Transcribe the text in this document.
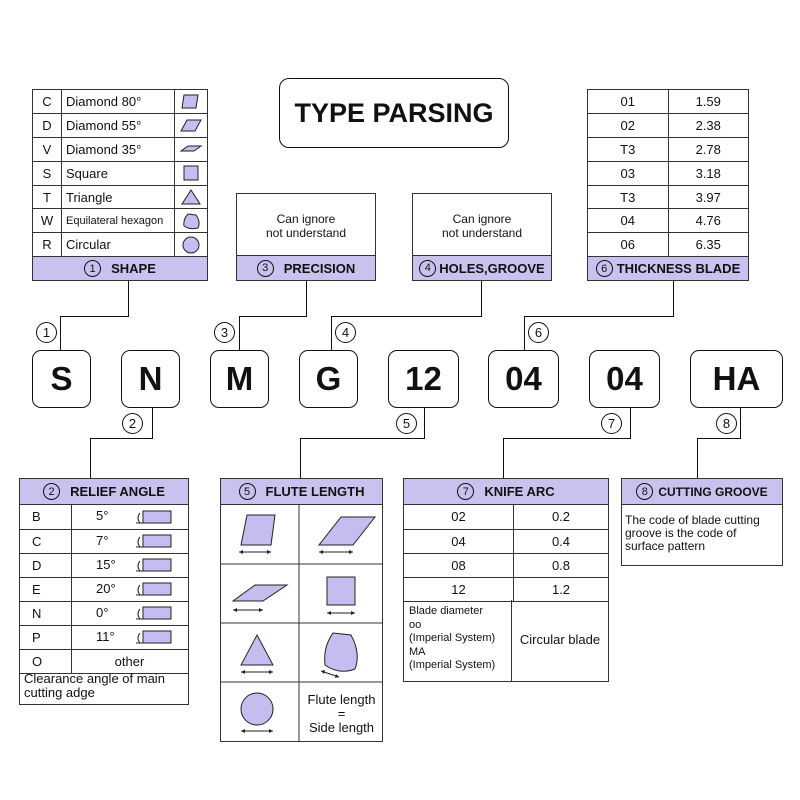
TYPE PARSING
C	Diamond 80°	

D	Diamond 55°	

V	Diamond 35°	

S	Square	

T	Triangle	

W	Equilateral hexagon	

R	Circular	
1	SHAPE
Can ignore
not understand
3	PRECISION
Can ignore
not understand
4 HOLES,GROOVE
01	1.59
02	2.38
T3	2.78
03	3.18
T3	3.97
04	4.76
06	6.35
6 THICKNESS BLADE
1	3	4	6
2	5	7	8
S	N	M	G	12	04	04	HA
2	RELIEF ANGLE
B	5°
C	7°
D	15°
E	20°
N	0°
P	11°
O	other
Clearance angle of main cutting adge
5	FLUTE LENGTH
Flute length
=
Side length
7	KNIFE ARC
02	0.2
04	0.4
08	0.8
12	1.2
Blade diameter
oo
(Imperial System)
MA
(Imperial System)
Circular blade
8 CUTTING GROOVE
The code of blade cutting groove is the code of surface pattern
